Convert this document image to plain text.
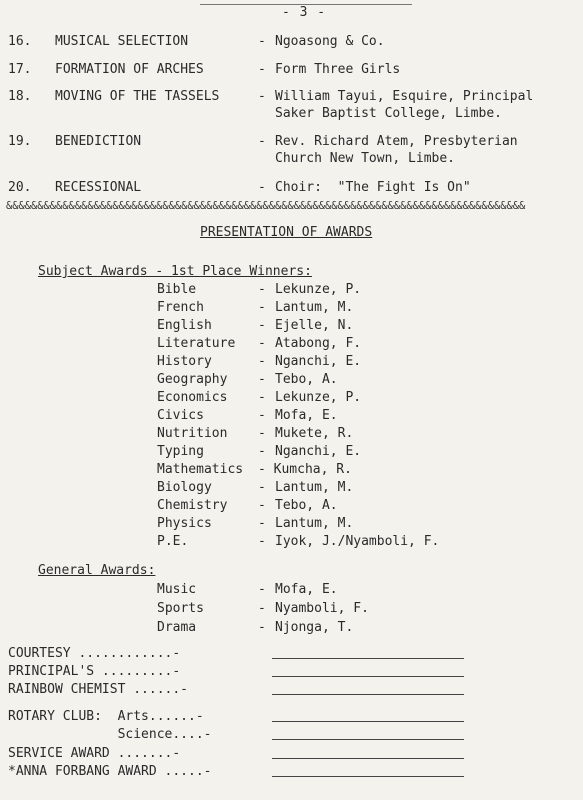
- 3 -
16. MUSICAL SELECTION	- Ngoasong & Co.
17. FORMATION OF ARCHES	- Form Three Girls
18. MOVING OF THE TASSELS	- William Tayui, Esquire, Principal
Saker Baptist College, Limbe.
19. BENEDICTION	- Rev. Richard Atem, Presbyterian
Church New Town, Limbe.
20. RECESSIONAL	- Choir:  "The Fight Is On"
&&&&&&&&&&&&&&&&&&&&&&&&&&&&&&&&&&&&&&&&&&&&&&&&&&&&&&&&&&&&&&&&&&&&&&&&&&&&&&&&&&&
PRESENTATION OF AWARDS
Subject Awards - 1st Place Winners:
Bible	- Lekunze, P.
French	- Lantum, M.
English	- Ejelle, N.
Literature - Atabong, F.
History	- Nganchi, E.
Geography - Tebo, A.
Economics - Lekunze, P.
Civics	- Mofa, E.
Nutrition - Mukete, R.
Typing	- Nganchi, E.
Mathematics - Kumcha, R.
Biology	- Lantum, M.
Chemistry - Tebo, A.
Physics	- Lantum, M.
P.E.	- Iyok, J./Nyamboli, F.
General Awards:
Music	- Mofa, E.
Sports	- Nyamboli, F.
Drama	- Njonga, T.
COURTESY ............-
PRINCIPAL'S .........-
RAINBOW CHEMIST ......-
ROTARY CLUB:  Arts......-
Science....-
SERVICE AWARD .......-
*ANNA FORBANG AWARD .....-
